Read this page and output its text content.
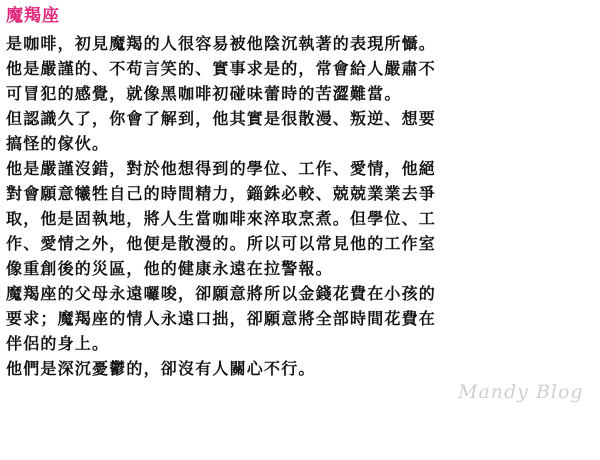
魔羯座
是咖啡，初見魔羯的人很容易被他陰沉執著的表現所懾。
他是嚴謹的、不苟言笑的、實事求是的，常會給人嚴肅不
可冒犯的感覺，就像黑咖啡初碰味蕾時的苦澀難當。
但認識久了，你會了解到，他其實是很散漫、叛逆、想要
搞怪的傢伙。
他是嚴謹沒錯，對於他想得到的學位、工作、愛情，他絕
對會願意犧牲自己的時間精力，錙銖必較、兢兢業業去爭
取，他是固執地，將人生當咖啡來淬取烹煮。但學位、工
作、愛情之外，他便是散漫的。所以可以常見他的工作室
像重創後的災區，他的健康永遠在拉警報。
魔羯座的父母永遠囉唆，卻願意將所以金錢花費在小孩的
要求；魔羯座的情人永遠口拙，卻願意將全部時間花費在
伴侶的身上。
他們是深沉憂鬱的，卻沒有人關心不行。
Mandy Blog
